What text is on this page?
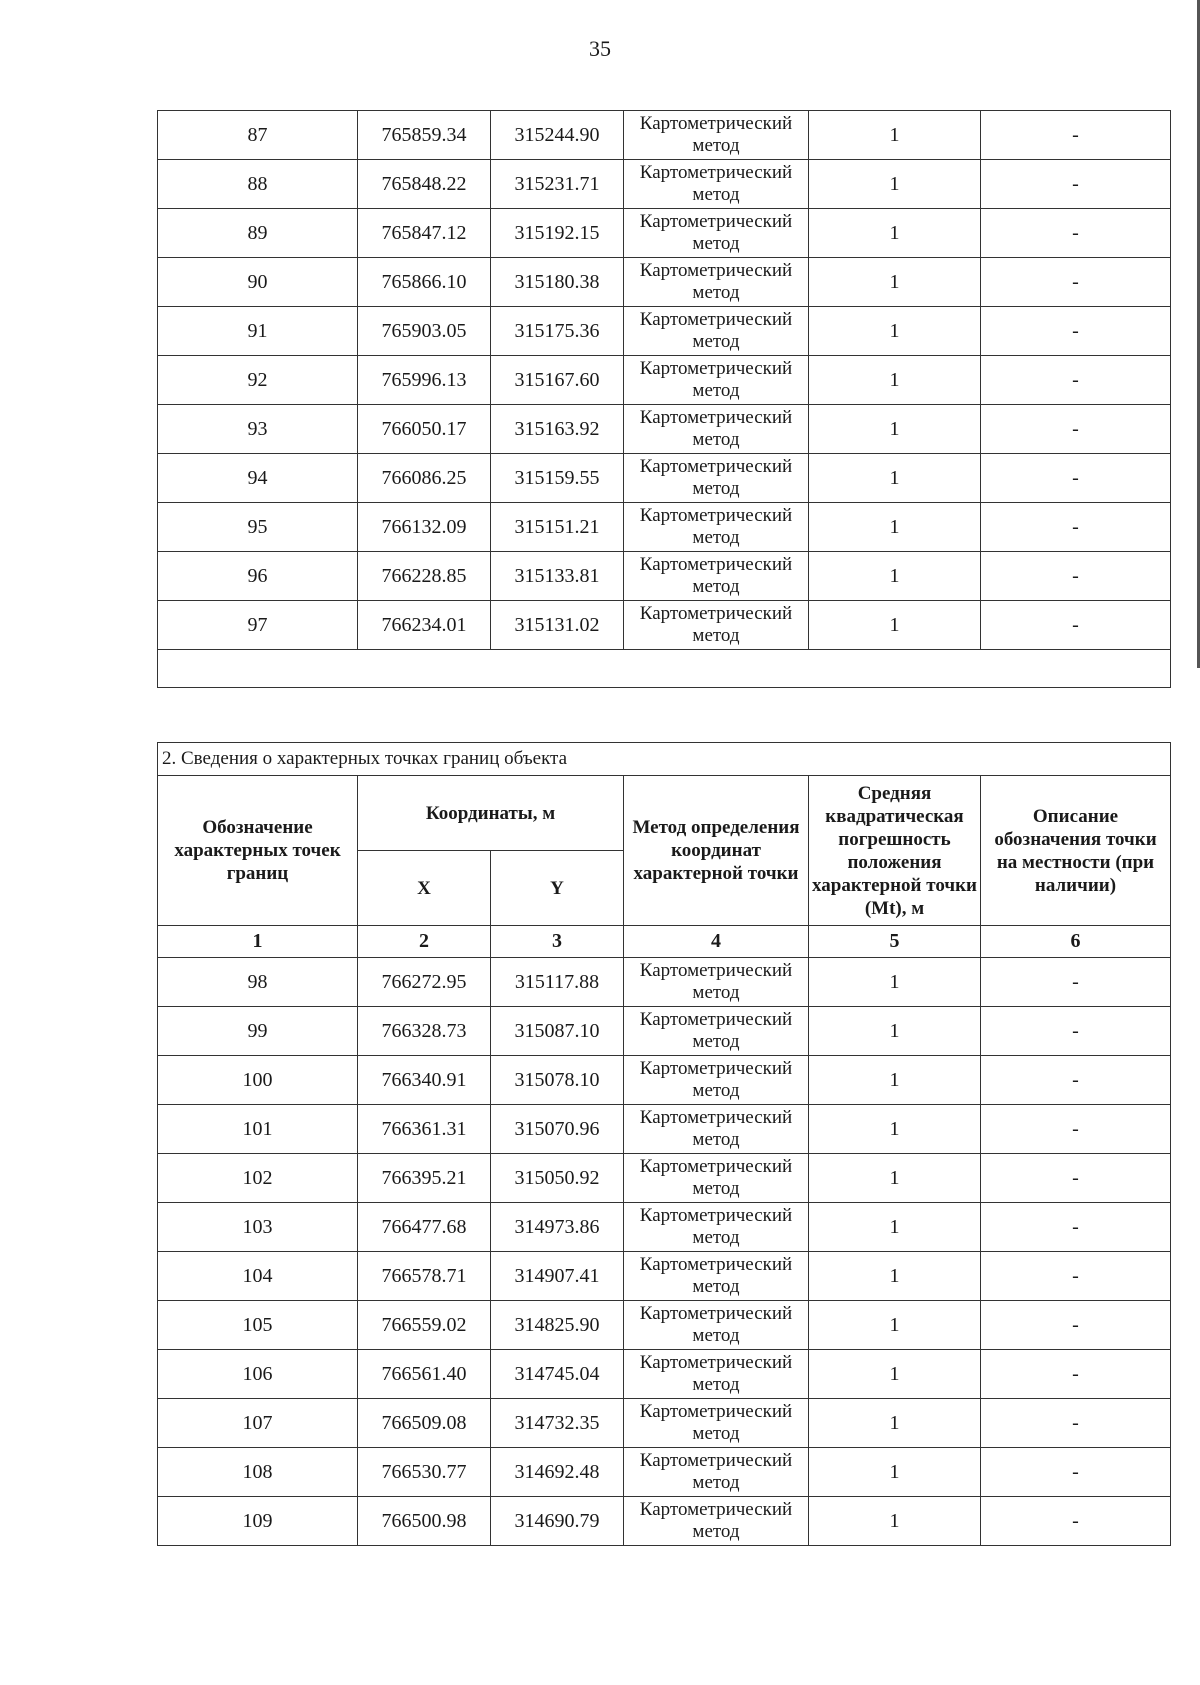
35
87	765859.34	315244.90	Картометрический метод	1	-
88	765848.22	315231.71	Картометрический метод	1	-
89	765847.12	315192.15	Картометрический метод	1	-
90	765866.10	315180.38	Картометрический метод	1	-
91	765903.05	315175.36	Картометрический метод	1	-
92	765996.13	315167.60	Картометрический метод	1	-
93	766050.17	315163.92	Картометрический метод	1	-
94	766086.25	315159.55	Картометрический метод	1	-
95	766132.09	315151.21	Картометрический метод	1	-
96	766228.85	315133.81	Картометрический метод	1	-
97	766234.01	315131.02	Картометрический метод	1	-

2. Сведения о характерных точках границ объекта					
Обозначение характерных точек границ	Координаты, м		Метод определения координат характерной точки	Средняя квадратическая погрешность положения характерной точки (Mt), м	Описание обозначения точки на местности (при наличии)
	X	Y			
1	2	3	4	5	6
98	766272.95	315117.88	Картометрический метод	1	-
99	766328.73	315087.10	Картометрический метод	1	-
100	766340.91	315078.10	Картометрический метод	1	-
101	766361.31	315070.96	Картометрический метод	1	-
102	766395.21	315050.92	Картометрический метод	1	-
103	766477.68	314973.86	Картометрический метод	1	-
104	766578.71	314907.41	Картометрический метод	1	-
105	766559.02	314825.90	Картометрический метод	1	-
106	766561.40	314745.04	Картометрический метод	1	-
107	766509.08	314732.35	Картометрический метод	1	-
108	766530.77	314692.48	Картометрический метод	1	-
109	766500.98	314690.79	Картометрический метод	1	-
